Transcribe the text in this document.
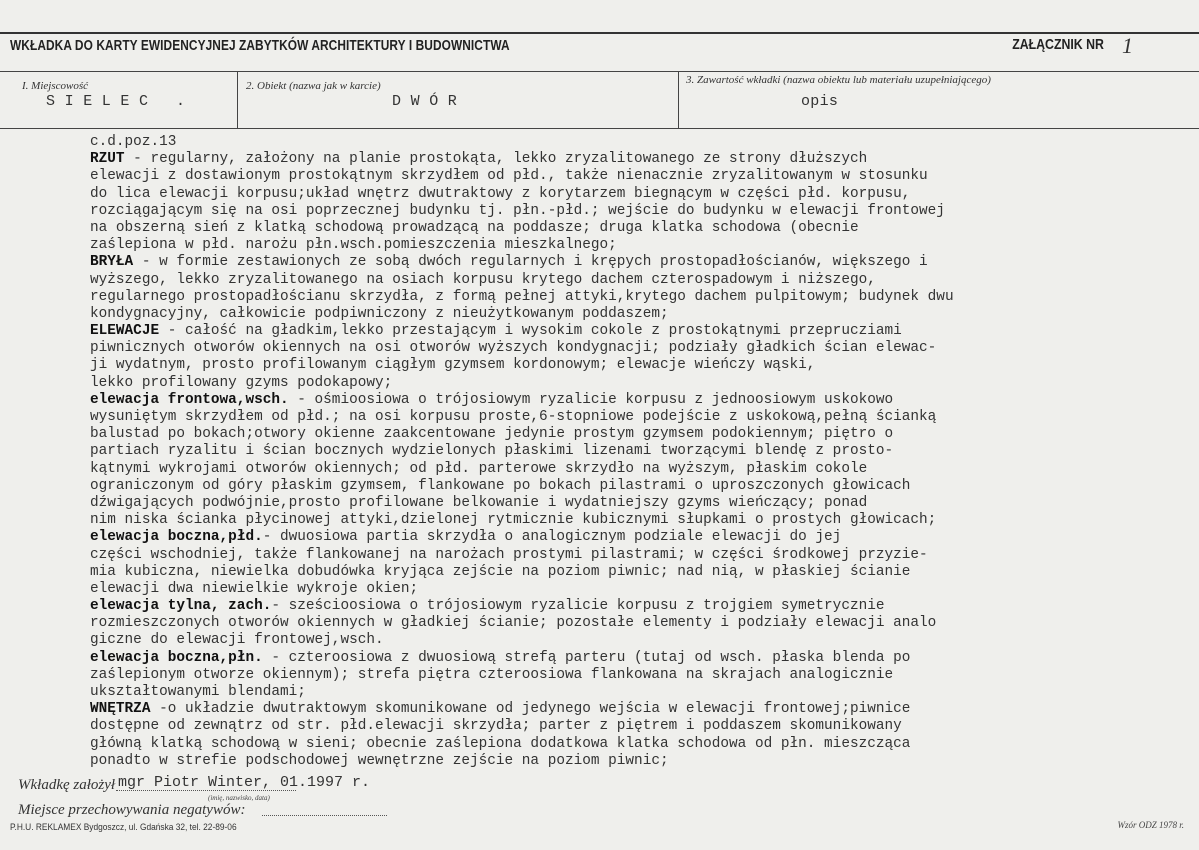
WKŁADKA DO KARTY EWIDENCYJNEJ ZABYTKÓW ARCHITEKTURY I BUDOWNICTWA	ZAŁĄCZNIK NR 1
I. Miejscowość
S I E L E C .
2. Obiekt (nazwa jak w karcie)
D W Ó R
3. Zawartość wkładki (nazwa obiektu lub materiału uzupełniającego)
opis
c.d.poz.13
RZUT - regularny, założony na planie prostokąta, lekko zryzalitowanego ze strony dłuższych
elewacji z dostawionym prostokątnym skrzydłem od płd., także nienacznie zryzalitowanym w stosunku
do lica elewacji korpusu;układ wnętrz dwutraktowy z korytarzem biegnącym w części płd. korpusu,
rozciągającym się na osi poprzecznej budynku tj. płn.-płd.; wejście do budynku w elewacji frontowej
na obszerną sień z klatką schodową prowadzącą na poddasze; druga klatka schodowa (obecnie
zaślepiona w płd. narożu płn.wsch.pomieszczenia mieszkalnego;
BRYŁA - w formie zestawionych ze sobą dwóch regularnych i krępych prostopadłościanów, większego i
wyższego, lekko zryzalitowanego na osiach korpusu krytego dachem czterospadowym i niższego,
regularnego prostopadłościanu skrzydła, z formą pełnej attyki,krytego dachem pulpitowym; budynek dwu
kondygnacyjny, całkowicie podpiwniczony z nieużytkowanym poddaszem;
ELEWACJE - całość na gładkim,lekko przestającym i wysokim cokole z prostokątnymi przeprucziami
piwnicznych otworów okiennych na osi otworów wyższych kondygnacji; podziały gładkich ścian elewac-
ji wydatnym, prosto profilowanym ciągłym gzymsem kordonowym; elewacje wieńczy wąski,
lekko profilowany gzyms podokapowy;
elewacja frontowa,wsch. - ośmioosiowa o trójosiowym ryzalicie korpusu z jednoosiowym uskokowo
wysuniętym skrzydłem od płd.; na osi korpusu proste,6-stopniowe podejście z uskokową,pełną ścianką
balustad po bokach;otwory okienne zaakcentowane jedynie prostym gzymsem podokiennym; piętro o
partiach ryzalitu i ścian bocznych wydzielonych płaskimi lizenami tworzącymi blendę z prosto-
kątnymi wykrojami otworów okiennych; od płd. parterowe skrzydło na wyższym, płaskim cokole
ograniczonym od góry płaskim gzymsem, flankowane po bokach pilastrami o uproszczonych głowicach
dźwigających podwójnie,prosto profilowane belkowanie i wydatniejszy gzyms wieńczący; ponad
nim niska ścianka płycinowej attyki,dzielonej rytmicznie kubicznymi słupkami o prostych głowicach;
elewacja boczna,płd.- dwuosiowa partia skrzydła o analogicznym podziale elewacji do jej
części wschodniej, także flankowanej na narożach prostymi pilastrami; w części środkowej przyzie-
mia kubiczna, niewielka dobudówka kryjąca zejście na poziom piwnic; nad nią, w płaskiej ścianie
elewacji dwa niewielkie wykroje okien;
elewacja tylna, zach.- sześcioosiowa o trójosiowym ryzalicie korpusu z trojgiem symetrycznie
rozmieszczonych otworów okiennych w gładkiej ścianie; pozostałe elementy i podziały elewacji analo
giczne do elewacji frontowej,wsch.
elewacja boczna,płn. - czteroosiowa z dwuosiową strefą parteru (tutaj od wsch. płaska blenda po
zaślepionym otworze okiennym); strefa piętra czteroosiowa flankowana na skrajach analogicznie
ukształtowanymi blendami;
WNĘTRZA -o układzie dwutraktowym skomunikowane od jedynego wejścia w elewacji frontowej;piwnice
dostępne od zewnątrz od str. płd.elewacji skrzydła; parter z piętrem i poddaszem skomunikowany
główną klatką schodową w sieni; obecnie zaślepiona dodatkowa klatka schodowa od płn. mieszcząca
ponadto w strefie podschodowej wewnętrzne zejście na poziom piwnic;
Wkładkę założył mgr Piotr Winter, 01.1997 r.
(imię, nazwisko, data)
Miejsce przechowywania negatywów:
P.H.U. REKLAMEX Bydgoszcz, ul. Gdańska 32, tel. 22-89-06	Wzór ODZ 1978 r.
